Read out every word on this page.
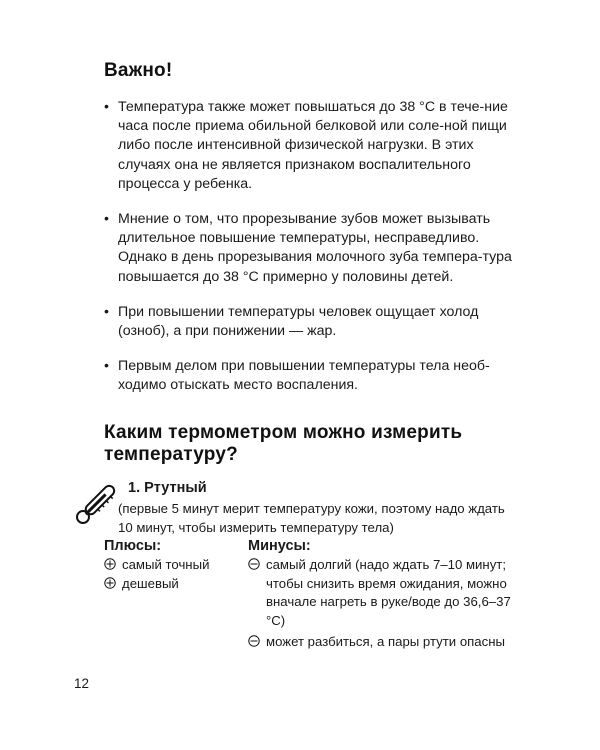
Важно!
• Температура также может повышаться до 38 °С в тече-ние часа после приема обильной белковой или соле-ной пищи либо после интенсивной физической нагрузки. В этих случаях она не является признаком воспалительного процесса у ребенка.
• Мнение о том, что прорезывание зубов может вызывать длительное повышение температуры, несправедливо. Однако в день прорезывания молочного зуба темпера-тура повышается до 38 °С примерно у половины детей.
• При повышении температуры человек ощущает холод (озноб), а при понижении — жар.
• Первым делом при повышении температуры тела необ-ходимо отыскать место воспаления.
Каким термометром можно измерить температуру?
1. Ртутный
(первые 5 минут мерит температуру кожи, поэтому надо ждать 10 минут, чтобы измерить температуру тела)
Плюсы:	Минусы:
самый точный
дешевый
самый долгий (надо ждать 7–10 минут; чтобы снизить время ожидания, можно вначале нагреть в руке/воде до 36,6–37 °С)
может разбиться, а пары ртути опасны
12
